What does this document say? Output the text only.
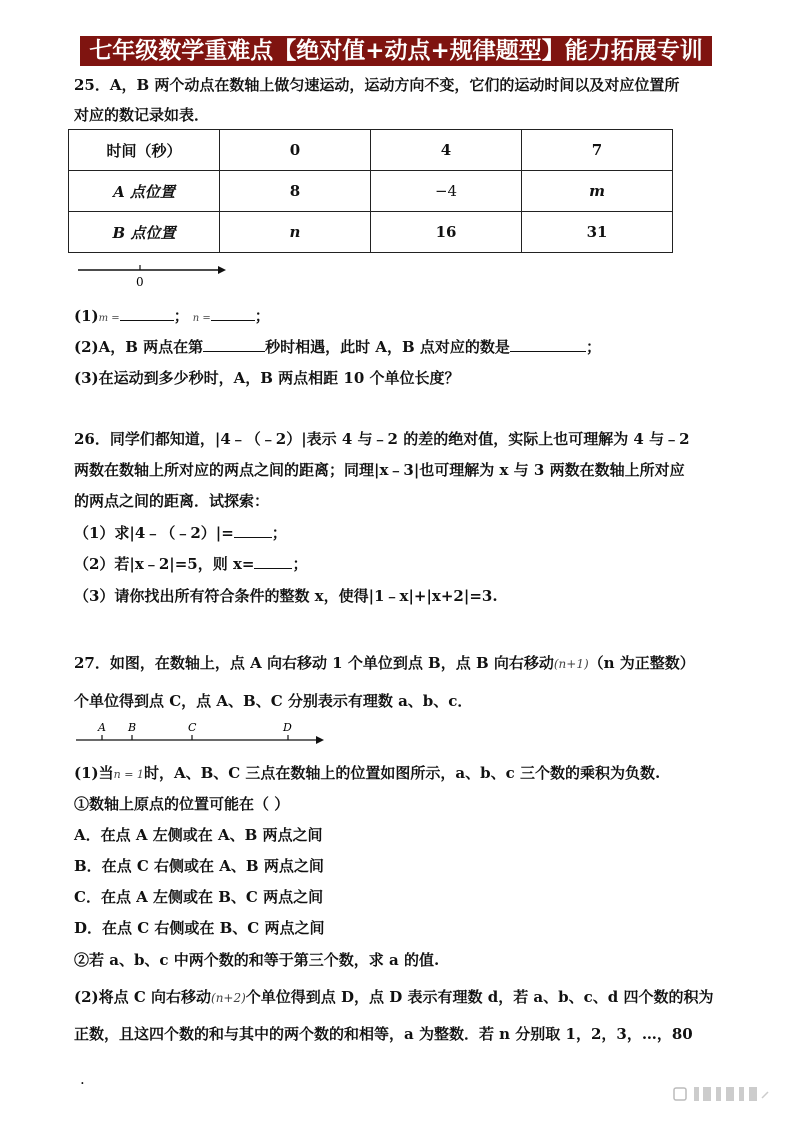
七年级数学重难点【绝对值+动点+规律题型】能力拓展专训
25．A，B 两个动点在数轴上做匀速运动，运动方向不变，它们的运动时间以及对应位置所
对应的数记录如表．
时间（秒）	0	4	7
A 点位置	8	−4	m
B 点位置	n	16	31
0
(1)m =	； n =	；
(2)A，B 两点在第	秒时相遇，此时 A，B 点对应的数是	；
(3)在运动到多少秒时，A，B 两点相距 10 个单位长度？
26．同学们都知道，|4﹣（﹣2）|表示 4 与﹣2 的差的绝对值，实际上也可理解为 4 与﹣2
两数在数轴上所对应的两点之间的距离；同理|x﹣3|也可理解为 x 与 3 两数在数轴上所对应
的两点之间的距离．试探索：
（1）求|4﹣（﹣2）|=	；
（2）若|x﹣2|=5，则 x=	；
（3）请你找出所有符合条件的整数 x，使得|1﹣x|+|x+2|=3.
27．如图，在数轴上，点 A 向右移动 1 个单位到点 B，点 B 向右移动(n+1)（n 为正整数）
个单位得到点 C，点 A、B、C 分别表示有理数 a、b、c．
A B	C	D
(1)当n = 1时，A、B、C 三点在数轴上的位置如图所示，a、b、c 三个数的乘积为负数.
①数轴上原点的位置可能在（ ）
A．在点 A 左侧或在 A、B 两点之间
B．在点 C 右侧或在 A、B 两点之间
C．在点 A 左侧或在 B、C 两点之间
D．在点 C 右侧或在 B、C 两点之间
②若 a、b、c 中两个数的和等于第三个数，求 a 的值.
(2)将点 C 向右移动(n+2)个单位得到点 D，点 D 表示有理数 d，若 a、b、c、d 四个数的积为
正数，且这四个数的和与其中的两个数的和相等，a 为整数．若 n 分别取 1，2，3，…，80
.
